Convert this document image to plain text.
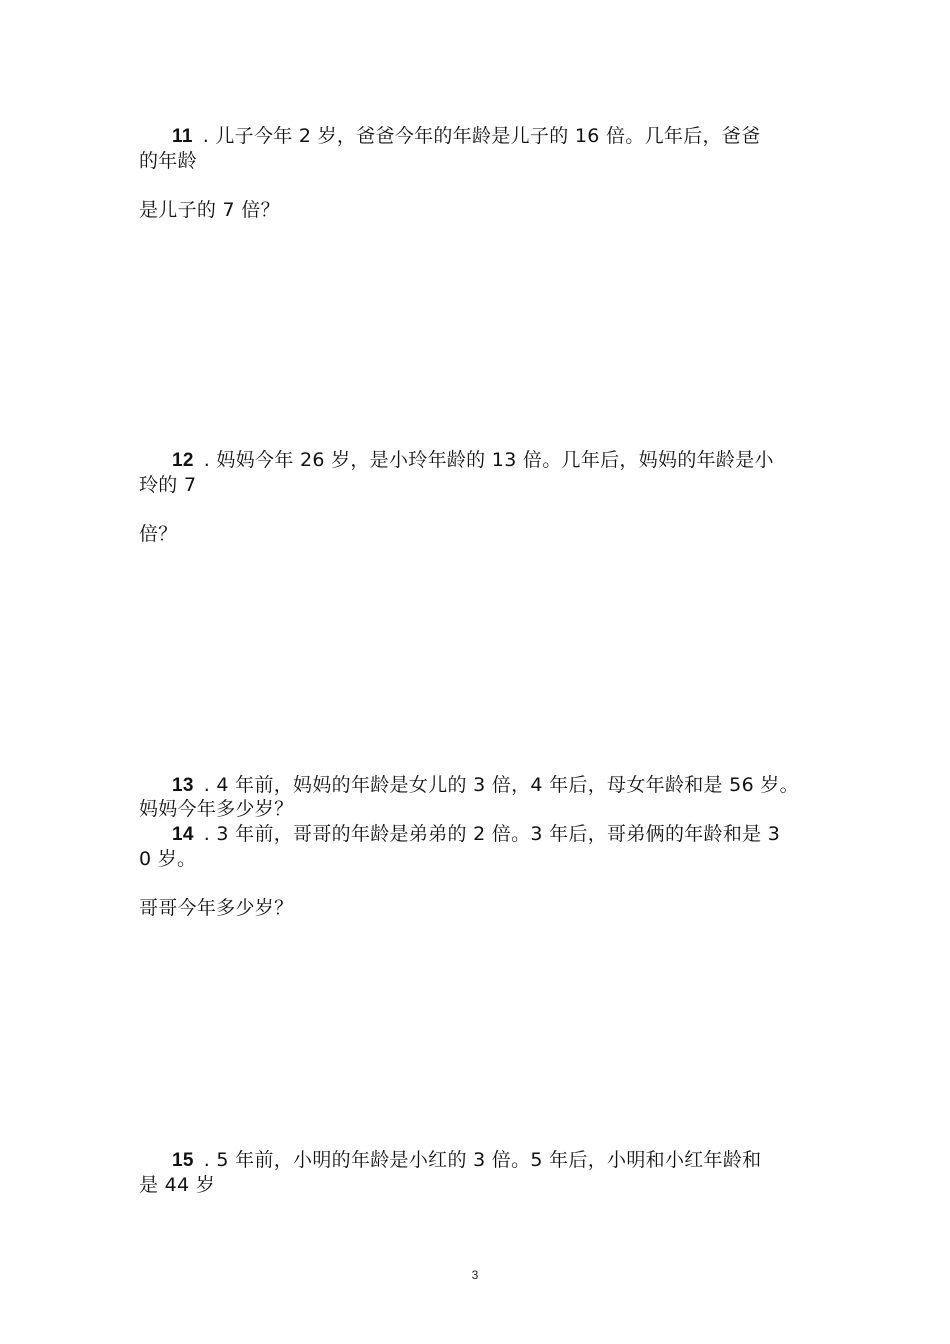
11 . 儿子今年 2 岁，爸爸今年的年龄是儿子的 16 倍。几年后，爸爸
的年龄
是儿子的 7 倍？
12 . 妈妈今年 26 岁，是小玲年龄的 13 倍。几年后，妈妈的年龄是小
玲的 7
倍？
13 . 4 年前，妈妈的年龄是女儿的 3 倍，4 年后，母女年龄和是 56 岁。
妈妈今年多少岁？
14 . 3 年前，哥哥的年龄是弟弟的 2 倍。3 年后，哥弟俩的年龄和是 3
0 岁。
哥哥今年多少岁？
15 . 5 年前，小明的年龄是小红的 3 倍。5 年后，小明和小红年龄和
是 44 岁
3
